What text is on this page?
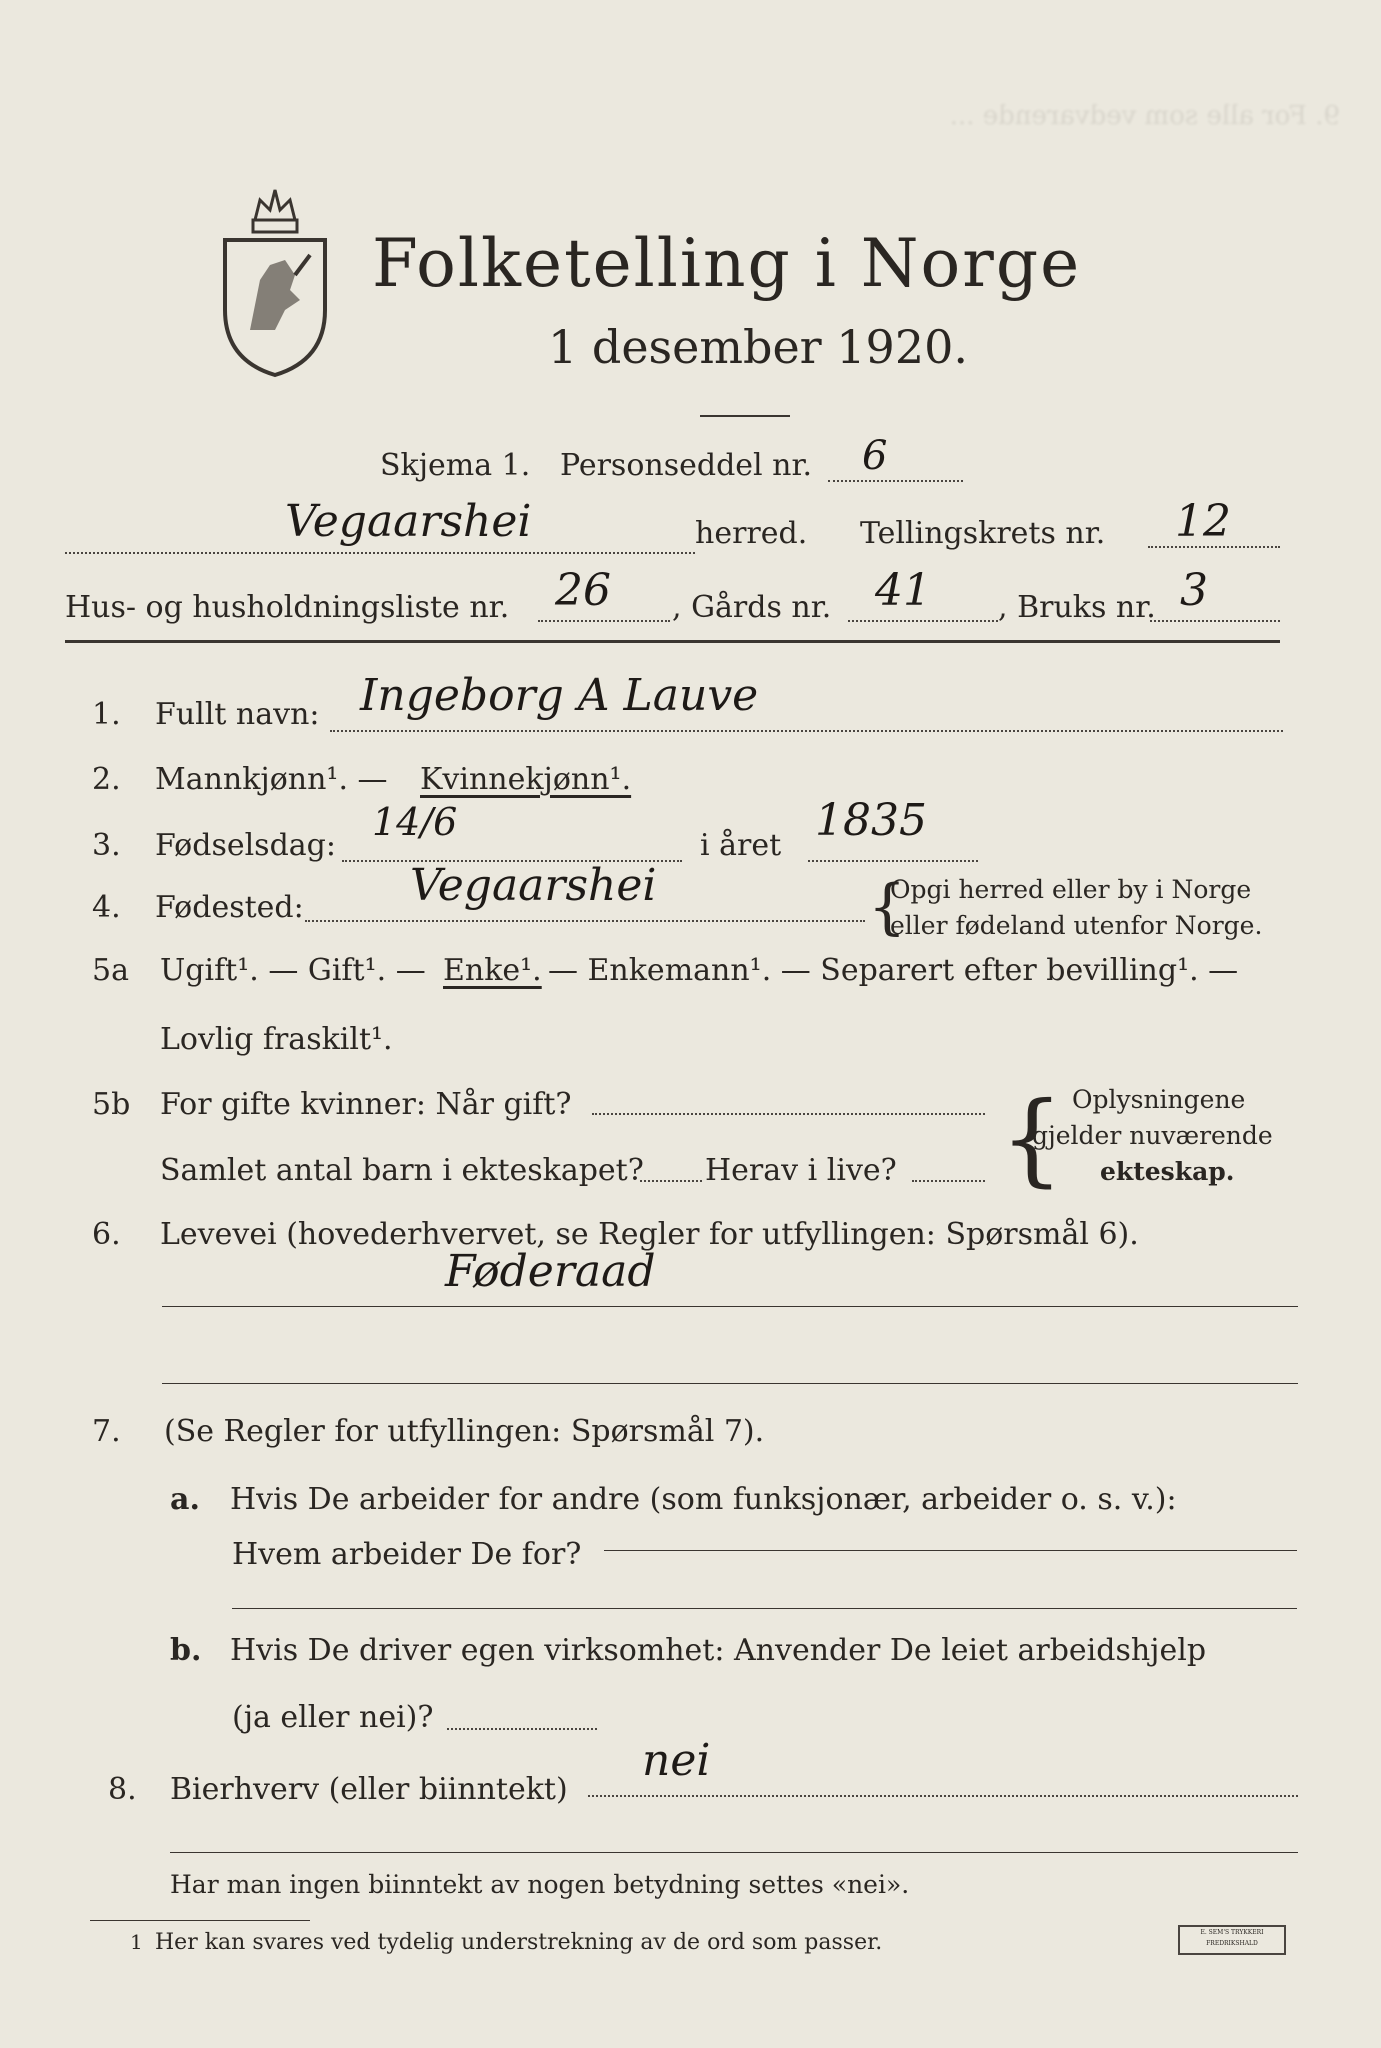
9. For alle som vedvarende ...
Folketelling i Norge
1 desember 1920.
Skjema 1. Personseddel nr. 6
Vegaarshei	herred. Tellingskrets nr. 12
Hus- og husholdningsliste nr. 26 , Gårds nr. 41 , Bruks nr. 3
1. Fullt navn: Ingeborg A Lauve
2. Mannkjønn¹. — Kvinnekjønn¹.
3. Fødselsdag:
14/6
i året 1835
4. Fødested: Vegaarshei	{
Opgi herred eller by i Norge
eller fødeland utenfor Norge.
5a Ugift¹. — Gift¹. — Enke¹. — Enkemann¹. — Separert efter bevilling¹. —
Lovlig fraskilt¹.
5b For gifte kvinner: Når gift?
Samlet antal barn i ekteskapet? Herav i live? { Oplysningene
gjelder nuværende
ekteskap.
6. Levevei (hovederhvervet, se Regler for utfyllingen: Spørsmål 6).
Føderaad
7. (Se Regler for utfyllingen: Spørsmål 7).
a. Hvis De arbeider for andre (som funksjonær, arbeider o. s. v.):
Hvem arbeider De for?
b. Hvis De driver egen virksomhet: Anvender De leiet arbeidshjelp
(ja eller nei)?
8. Bierhverv (eller biinntekt)
nei
Har man ingen biinntekt av nogen betydning settes «nei».
1 Her kan svares ved tydelig understrekning av de ord som passer.	E. SEM'S TRYKKERI FREDRIKSHALD
